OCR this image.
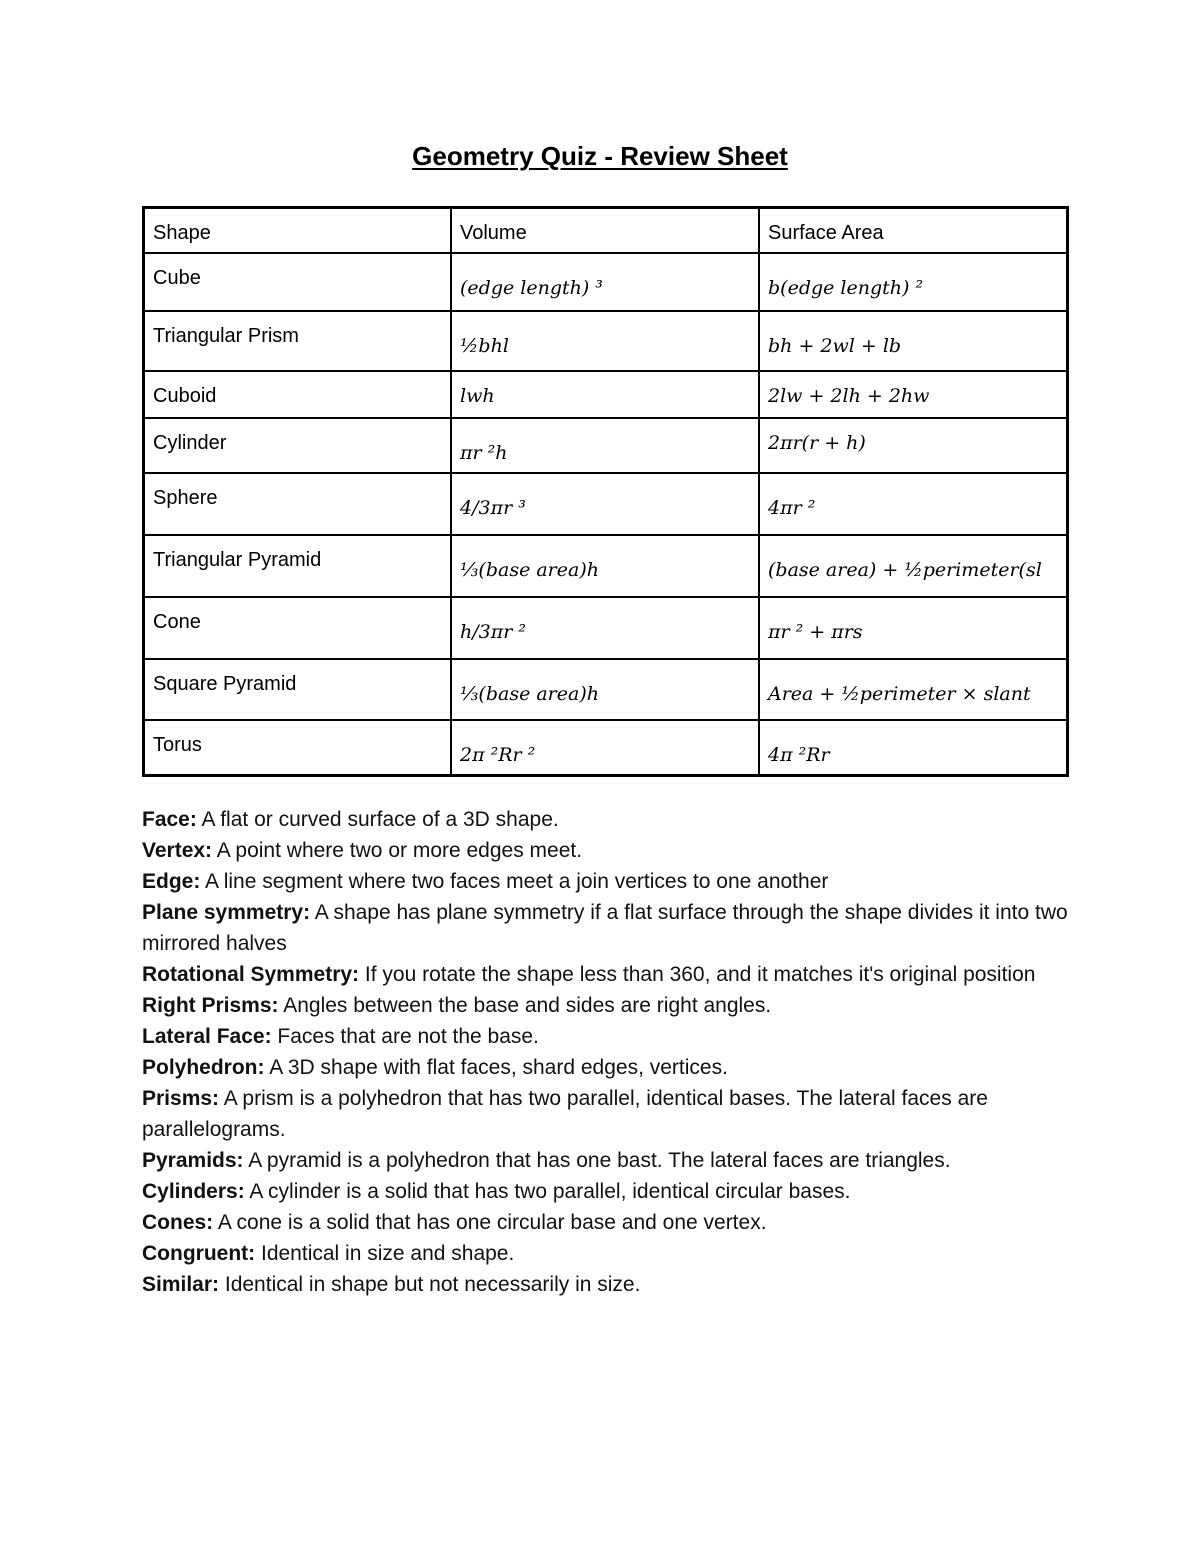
Geometry Quiz - Review Sheet
Shape	Volume	Surface Area
Cube	(edge length) ³	b(edge length) ²
Triangular Prism	½bhl	bh + 2wl + lb
Cuboid	lwh	2lw + 2lh + 2hw
Cylinder	πr ²h	2πr(r + h)
Sphere	4/3πr ³	4πr ²
Triangular Pyramid	⅓(base area)h	(base area) + ½perimeter(sl
Cone	h/3πr ²	πr ² + πrs
Square Pyramid	⅓(base area)h	Area + ½perimeter × slant
Torus	2π ²Rr ²	4π ²Rr

Face: A flat or curved surface of a 3D shape.

Vertex: A point where two or more edges meet.

Edge: A line segment where two faces meet a join vertices to one another

Plane symmetry: A shape has plane symmetry if a flat surface through the shape divides it into two mirrored halves

Rotational Symmetry: If you rotate the shape less than 360, and it matches it's original position

Right Prisms: Angles between the base and sides are right angles.

Lateral Face: Faces that are not the base.

Polyhedron: A 3D shape with flat faces, shard edges, vertices.

Prisms: A prism is a polyhedron that has two parallel, identical bases. The lateral faces are parallelograms.

Pyramids: A pyramid is a polyhedron that has one bast. The lateral faces are triangles.

Cylinders: A cylinder is a solid that has two parallel, identical circular bases.

Cones: A cone is a solid that has one circular base and one vertex.

Congruent: Identical in size and shape.

Similar: Identical in shape but not necessarily in size.
